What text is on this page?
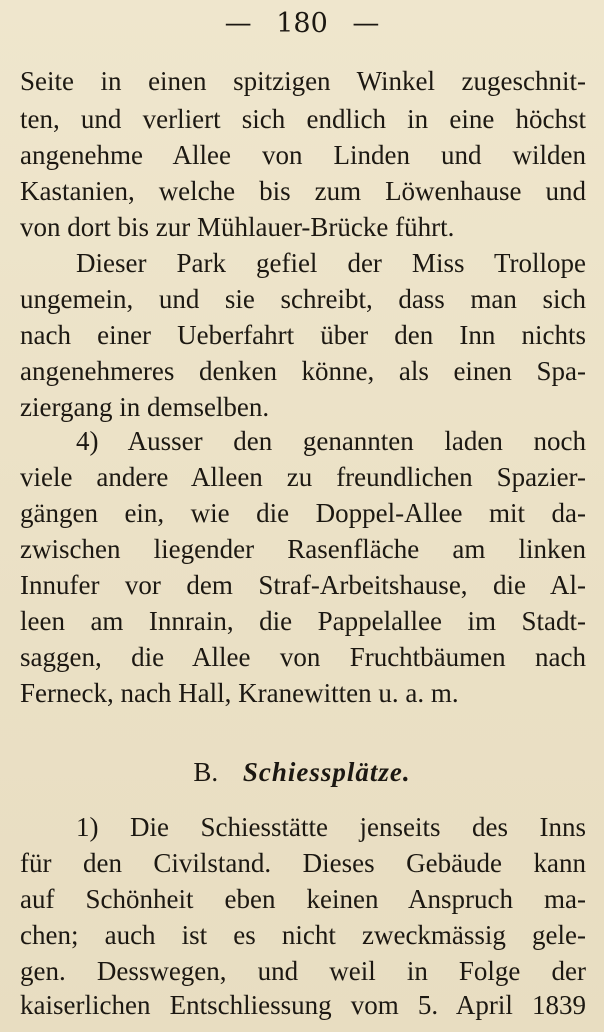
— 180 —
Seite in einen spitzigen Winkel zugeschnit-
ten, und verliert sich endlich in eine höchst
angenehme Allee von Linden und wilden
Kastanien, welche bis zum Löwenhause und
von dort bis zur Mühlauer-Brücke führt.
Dieser Park gefiel der Miss Trollope
ungemein, und sie schreibt, dass man sich
nach einer Ueberfahrt über den Inn nichts
angenehmeres denken könne, als einen Spa-
ziergang in demselben.
4) Ausser den genannten laden noch
viele andere Alleen zu freundlichen Spazier-
gängen ein, wie die Doppel-Allee mit da-
zwischen liegender Rasenfläche am linken
Innufer vor dem Straf-Arbeitshause, die Al-
leen am Innrain, die Pappelallee im Stadt-
saggen, die Allee von Fruchtbäumen nach
Ferneck, nach Hall, Kranewitten u. a. m.
B. Schiessplätze.
1) Die Schiesstätte jenseits des Inns
für den Civilstand. Dieses Gebäude kann
auf Schönheit eben keinen Anspruch ma-
chen; auch ist es nicht zweckmässig gele-
gen. Desswegen, und weil in Folge der
kaiserlichen Entschliessung vom 5. April 1839
